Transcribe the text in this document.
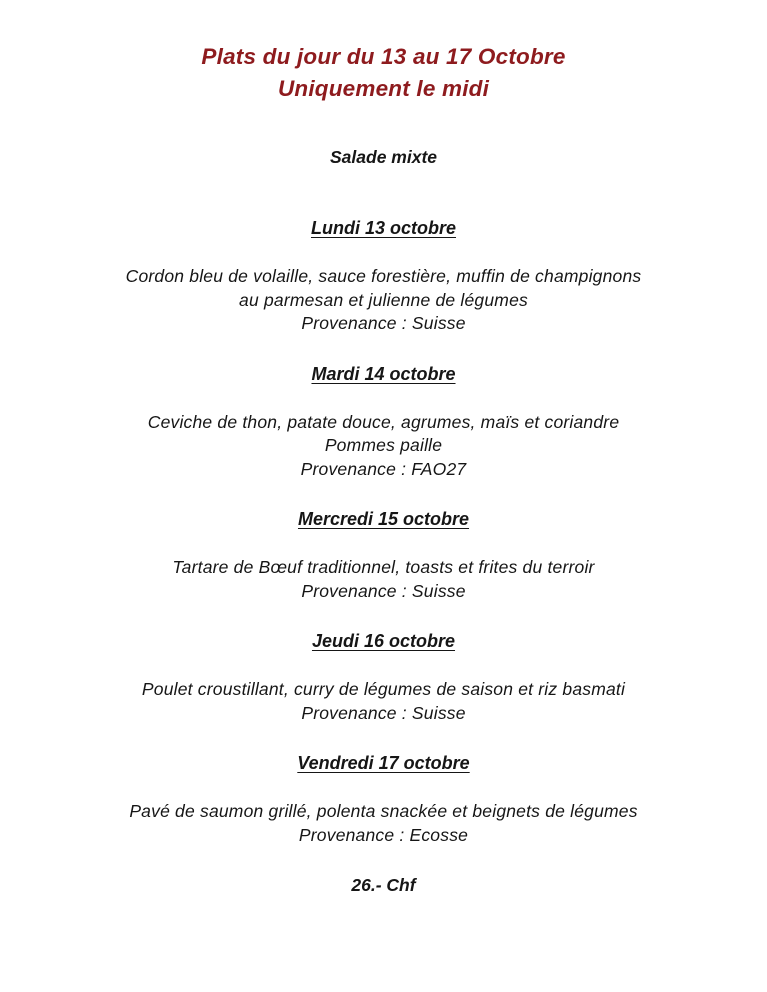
Plats du jour du 13 au 17 Octobre
Uniquement le midi
Salade mixte
Lundi 13 octobre

Cordon bleu de volaille, sauce forestière, muffin de champignons

au parmesan et julienne de légumes

Provenance : Suisse

Mardi 14 octobre

Ceviche de thon, patate douce, agrumes, maïs et coriandre

Pommes paille

Provenance : FAO27

Mercredi 15 octobre

Tartare de Bœuf traditionnel, toasts et frites du terroir

Provenance : Suisse

Jeudi 16 octobre

Poulet croustillant, curry de légumes de saison et riz basmati

Provenance : Suisse

Vendredi 17 octobre

Pavé de saumon grillé, polenta snackée et beignets de légumes

Provenance : Ecosse

26.- Chf
